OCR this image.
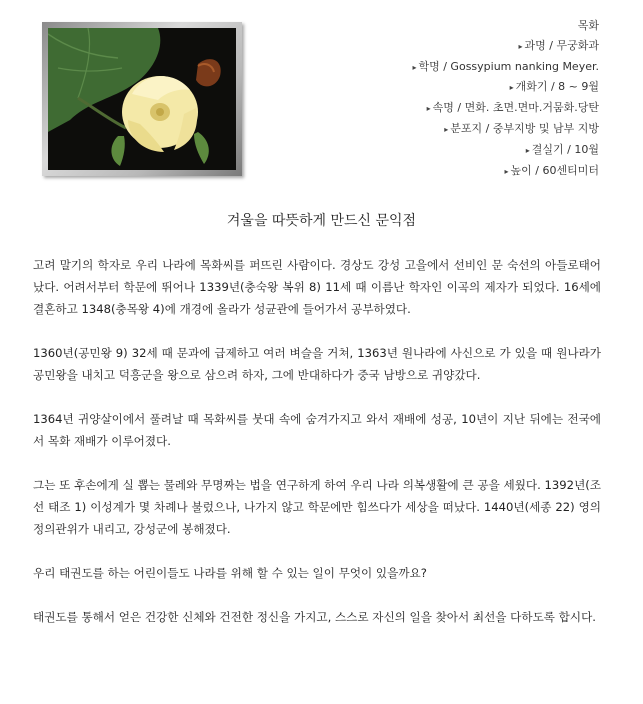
목화
▸ 과명 / 무궁화과
▸ 학명 / Gossypium nanking Meyer.
▸ 개화기 / 8 ~ 9월
▸ 속명 / 면화. 초면.면마.거뭄화.당탄
▸ 분포지 / 중부지방 및 남부 지방
▸ 결실기 / 10월
▸ 높이 / 60센티미터
겨울을 따뜻하게 만드신 문익점

고려 말기의 학자로 우리 나라에 목화씨를 퍼뜨린 사람이다. 경상도 강성 고을에서 선비인 문 숙선의 아들로태어났다. 어려서부터 학문에 뛰어나 1339년(충숙왕 복위 8) 11세 때 이름난 학자인 이곡의 제자가 되었다. 16세에 결혼하고 1348(충목왕 4)에 개경에 올라가 성균관에 들어가서 공부하였다.

1360년(공민왕 9) 32세 때 문과에 급제하고 여러 벼슬을 거쳐, 1363년 원나라에 사신으로 가 있을 때 원나라가 공민왕을 내치고 덕흥군을 왕으로 삼으려 하자, 그에 반대하다가 중국 남방으로 귀양갔다.

1364년 귀양살이에서 풀려날 때 목화씨를 붓대 속에 숨겨가지고 와서 재배에 성공, 10년이 지난 뒤에는 전국에서 목화 재배가 이루어졌다.

그는 또 후손에게 실 뽑는 물레와 무명짜는 법을 연구하게 하여 우리 나라 의복생활에 큰 공을 세웠다. 1392년(조선 태조 1) 이성계가 몇 차례나 불렀으나, 나가지 않고 학문에만 힘쓰다가 세상을 떠났다. 1440년(세종 22) 영의정의관위가 내리고, 강성군에 봉해졌다.

우리 태권도를 하는 어린이들도 나라를 위해 할 수 있는 일이 무엇이 있을까요?

태권도를 통해서 얻은 건강한 신체와 건전한 정신을 가지고, 스스로 자신의 일을 찾아서 최선을 다하도록 합시다.
